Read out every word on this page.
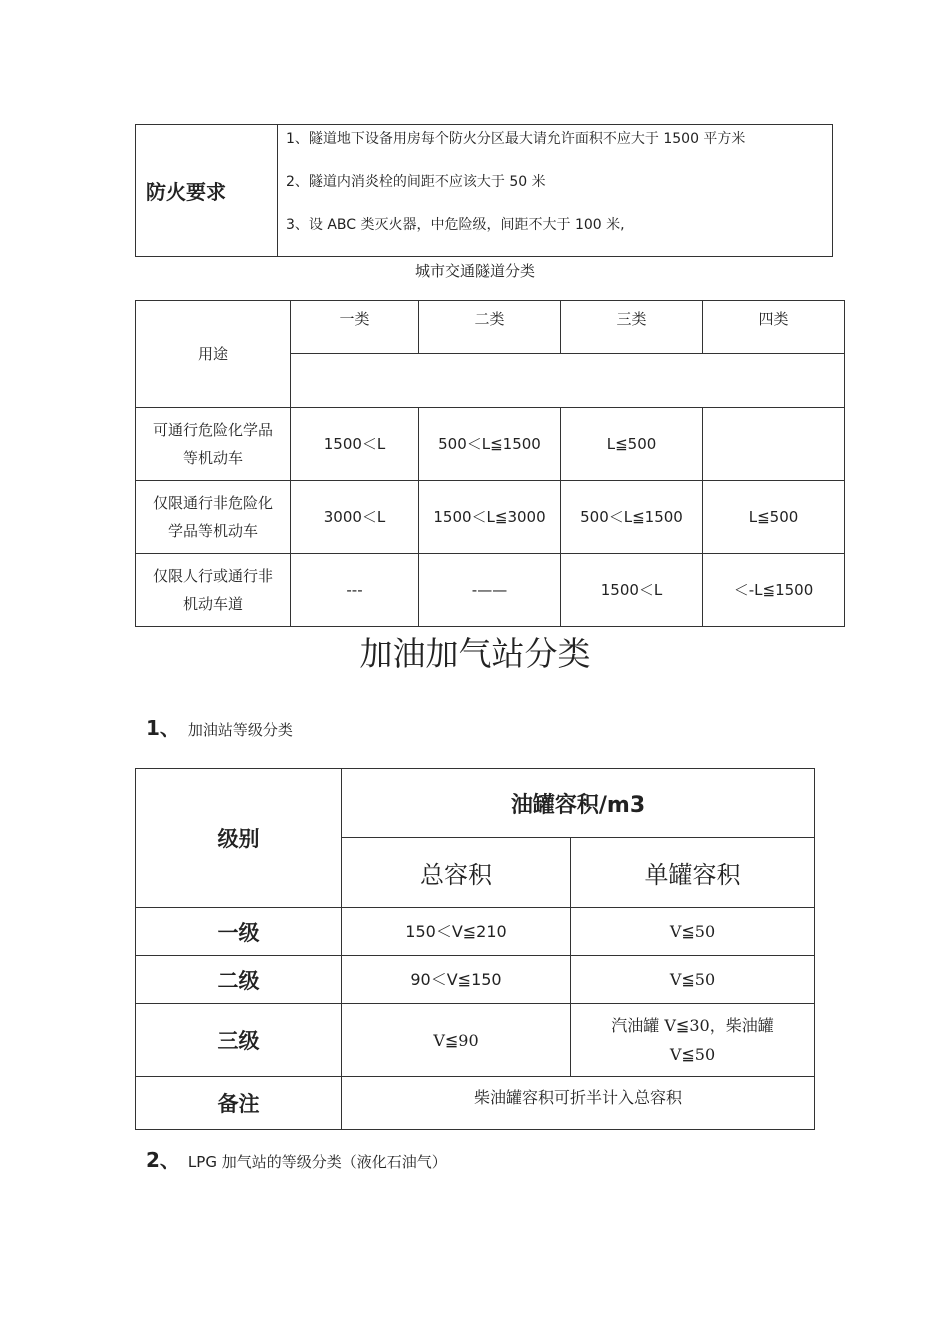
防火要求	
1、隧道地下设备用房每个防火分区最大请允许面积不应大于 1500 平方米
2、隧道内消炎栓的间距不应该大于 50 米
3、设 ABC 类灭火器，中危险级，间距不大于 100 米,
城市交通隧道分类
用途	一类	二类	三类	四类

可通行危险化学品
等机动车	1500＜L	500＜L≦1500	L≦500	

仅限通行非危险化
学品等机动车	3000＜L	1500＜L≦3000	500＜L≦1500	L≦500

仅限人行或通行非
机动车道	---	-——	1500＜L	＜-L≦1500
加油加气站分类
1、 加油站等级分类
级别	油罐容积/m3	
	总容积	单罐容积
一级	150＜V≦210	V≦50

二级	90＜V≦150	V≦50

三级	V≦90	汽油罐 V≦30，柴油罐
V≦50

备注	柴油罐容积可折半计入总容积	
2、 LPG 加气站的等级分类（液化石油气）
